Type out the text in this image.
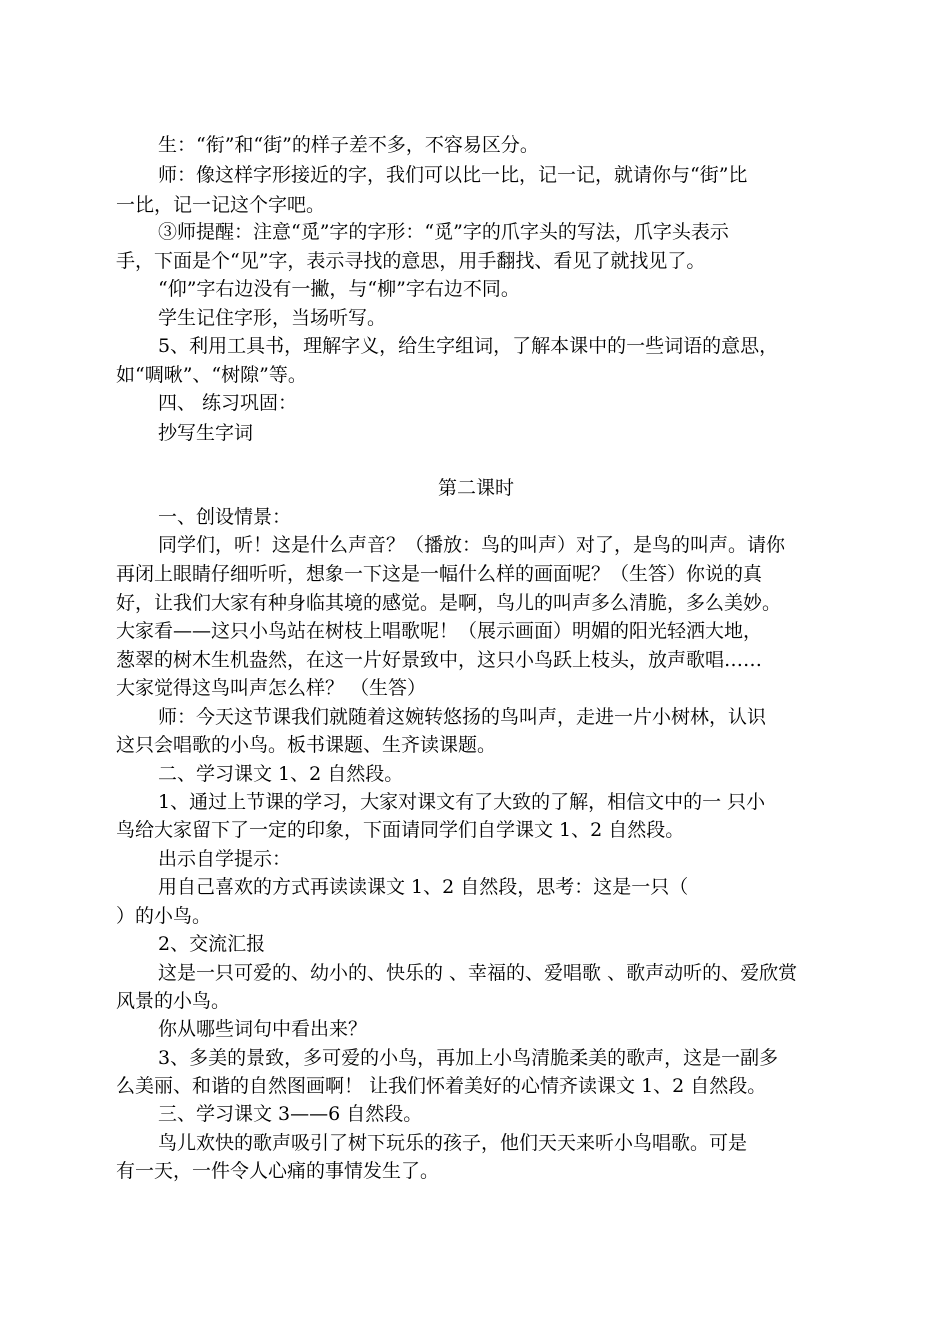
生：“衔”和“街”的样子差不多，不容易区分。
师：像这样字形接近的字，我们可以比一比，记一记，就请你与“街”比
一比，记一记这个字吧。
③师提醒：注意“觅”字的字形：“觅”字的爪字头的写法，爪字头表示
手，下面是个“见”字，表示寻找的意思，用手翻找、看见了就找见了。
“仰”字右边没有一撇，与“柳”字右边不同。
学生记住字形，当场听写。
5、利用工具书，理解字义，给生字组词，了解本课中的一些词语的意思，
如“啁啾”、“树隙”等。
四、 练习巩固：
抄写生字词
第二课时
一、创设情景：
同学们，听！这是什么声音？（播放：鸟的叫声）对了，是鸟的叫声。请你
再闭上眼睛仔细听听，想象一下这是一幅什么样的画面呢？（生答）你说的真
好，让我们大家有种身临其境的感觉。是啊，鸟儿的叫声多么清脆，多么美妙。
大家看——这只小鸟站在树枝上唱歌呢！（展示画面）明媚的阳光轻洒大地，
葱翠的树木生机盎然，在这一片好景致中，这只小鸟跃上枝头，放声歌唱……
大家觉得这鸟叫声怎么样？ （生答）
师：今天这节课我们就随着这婉转悠扬的鸟叫声，走进一片小树林，认识
这只会唱歌的小鸟。板书课题、生齐读课题。
二、学习课文 1、2 自然段。
1、通过上节课的学习，大家对课文有了大致的了解，相信文中的一 只小
鸟给大家留下了一定的印象，下面请同学们自学课文 1、2 自然段。
出示自学提示：
用自己喜欢的方式再读读课文 1、2 自然段，思考：这是一只（
）的小鸟。
2、交流汇报
这是一只可爱的、幼小的、快乐的 、幸福的、爱唱歌 、歌声动听的、爱欣赏
风景的小鸟。
你从哪些词句中看出来？
3、多美的景致，多可爱的小鸟，再加上小鸟清脆柔美的歌声，这是一副多
么美丽、和谐的自然图画啊！ 让我们怀着美好的心情齐读课文 1、2 自然段。
三、学习课文 3——6 自然段。
鸟儿欢快的歌声吸引了树下玩乐的孩子，他们天天来听小鸟唱歌。可是
有一天，一件令人心痛的事情发生了。
